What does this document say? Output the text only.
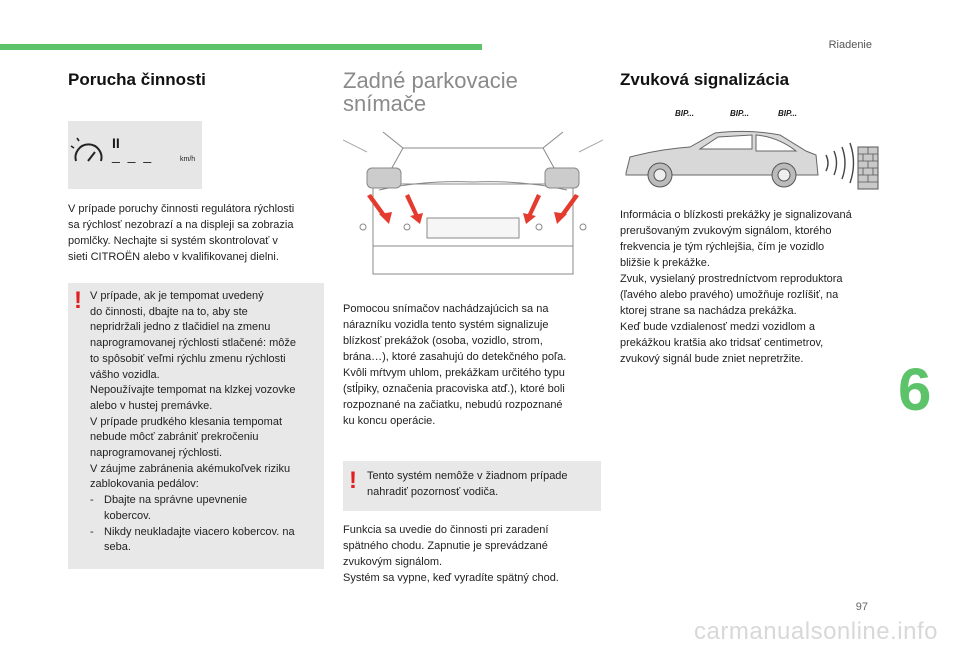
Riadenie
6
97
carmanualsonline.info
Porucha činnosti
II
_ _ _	km/h

V prípade poruchy činnosti regulátora rýchlosti
sa rýchlosť nezobrazí a na displeji sa zobrazia
pomlčky. Nechajte si systém skontrolovať v
sieti CITROËN alebo v kvalifikovanej dielni.

! V prípade, ak je tempomat uvedený
do činnosti, dbajte na to, aby ste
nepridržali jedno z tlačidiel na zmenu
naprogramovanej rýchlosti stlačené: môže
to spôsobiť veľmi rýchlu zmenu rýchlosti
vášho vozidla.
Nepoužívajte tempomat na klzkej vozovke
alebo v hustej premávke.
V prípade prudkého klesania tempomat
nebude môcť zabrániť prekročeniu
naprogramovanej rýchlosti.
V záujme zabránenia akémukoľvek riziku
zablokovania pedálov:
- Dbajte na správne upevnenie
kobercov.
- Nikdy neukladajte viacero kobercov. na
seba.
Zadné parkovacie
snímače

Pomocou snímačov nachádzajúcich sa na
nárazníku vozidla tento systém signalizuje
blízkosť prekážok (osoba, vozidlo, strom,
brána…), ktoré zasahujú do detekčného poľa.
Kvôli mŕtvym uhlom, prekážkam určitého typu
(stĺpiky, označenia pracoviska atď.), ktoré boli
rozpoznané na začiatku, nebudú rozpoznané
ku koncu operácie.

! Tento systém nemôže v žiadnom prípade
nahradiť pozornosť vodiča.

Funkcia sa uvedie do činnosti pri zaradení
spätného chodu. Zapnutie je sprevádzané
zvukovým signálom.
Systém sa vypne, keď vyradíte spätný chod.

Zvuková signalizácia
BIP...	BIP...	BIP...

Informácia o blízkosti prekážky je signalizovaná
prerušovaným zvukovým signálom, ktorého
frekvencia je tým rýchlejšia, čím je vozidlo
bližšie k prekážke.
Zvuk, vysielaný prostredníctvom reproduktora
(ľavého alebo pravého) umožňuje rozlíšiť, na
ktorej strane sa nachádza prekážka.
Keď bude vzdialenosť medzi vozidlom a
prekážkou kratšia ako tridsať centimetrov,
zvukový signál bude zniet nepretržite.
